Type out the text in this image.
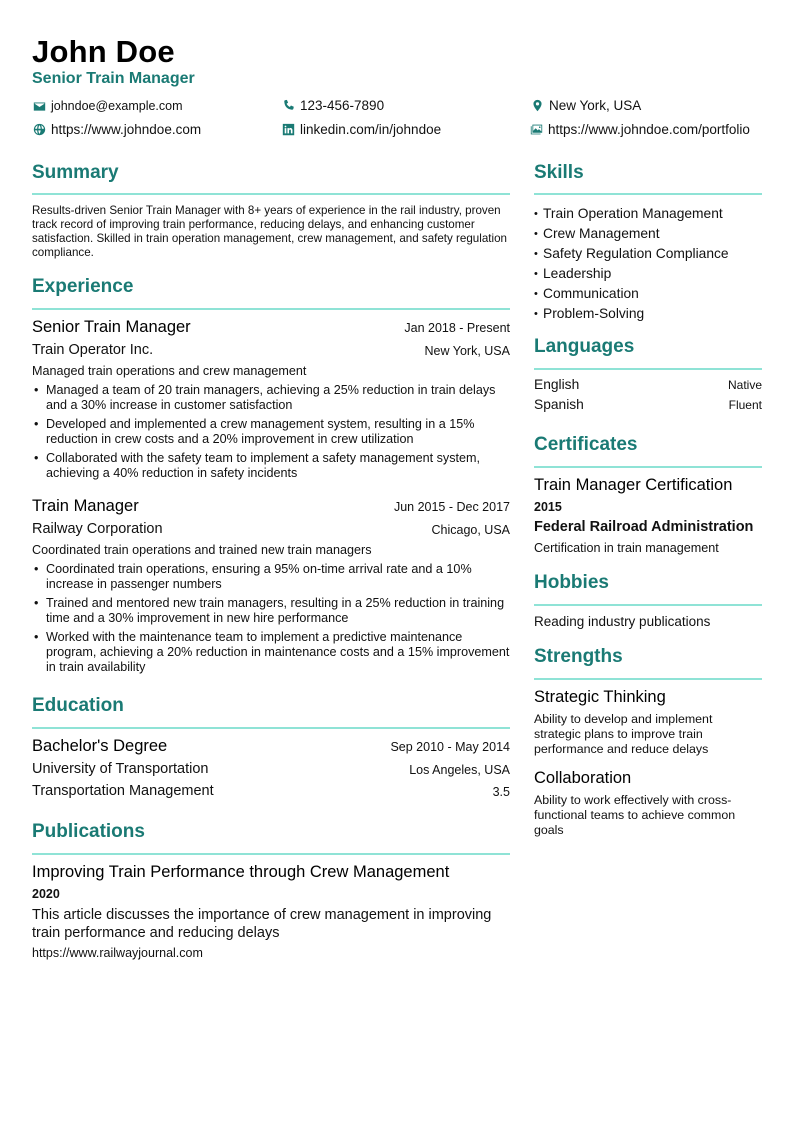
John Doe
Senior Train Manager
johndoe@example.com	123-456-7890	New York, USA
https://www.johndoe.com	linkedin.com/in/johndoe	https://www.johndoe.com/portfolio
Summary
Results-driven Senior Train Manager with 8+ years of experience in the rail industry, proven track record of improving train performance, reducing delays, and enhancing customer satisfaction. Skilled in train operation management, crew management, and safety regulation compliance.
Experience
Senior Train Manager	Jan 2018 - Present
Train Operator Inc.	New York, USA
Managed train operations and crew management
• Managed a team of 20 train managers, achieving a 25% reduction in train delays and a 30% increase in customer satisfaction
• Developed and implemented a crew management system, resulting in a 15% reduction in crew costs and a 20% improvement in crew utilization
• Collaborated with the safety team to implement a safety management system, achieving a 40% reduction in safety incidents
Train Manager	Jun 2015 - Dec 2017
Railway Corporation	Chicago, USA
Coordinated train operations and trained new train managers
• Coordinated train operations, ensuring a 95% on-time arrival rate and a 10% increase in passenger numbers
• Trained and mentored new train managers, resulting in a 25% reduction in training time and a 30% improvement in new hire performance
• Worked with the maintenance team to implement a predictive maintenance program, achieving a 20% reduction in maintenance costs and a 15% improvement in train availability
Education
Bachelor's Degree	Sep 2010 - May 2014
University of Transportation	Los Angeles, USA
Transportation Management	3.5
Publications
Improving Train Performance through Crew Management
2020
This article discusses the importance of crew management in improving train performance and reducing delays
https://www.railwayjournal.com
Skills
• Train Operation Management
• Crew Management
• Safety Regulation Compliance
• Leadership
• Communication
• Problem-Solving
Languages
English	Native
Spanish	Fluent
Certificates
Train Manager Certification
2015
Federal Railroad Administration
Certification in train management
Hobbies
Reading industry publications
Strengths
Strategic Thinking
Ability to develop and implement strategic plans to improve train performance and reduce delays
Collaboration
Ability to work effectively with cross-functional teams to achieve common goals
